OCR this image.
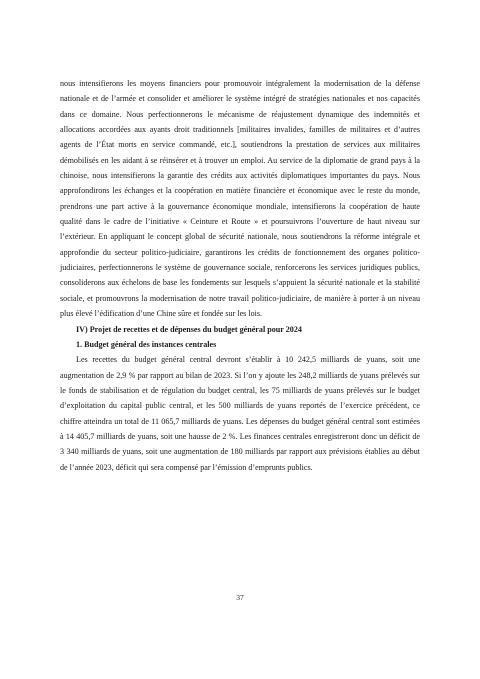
nous intensifierons les moyens financiers pour promouvoir intégralement la modernisation de la défense nationale et de l’armée et consolider et améliorer le système intégré de stratégies nationales et nos capacités dans ce domaine. Nous perfectionnerons le mécanisme de réajustement dynamique des indemnités et allocations accordées aux ayants droit traditionnels [militaires invalides, familles de militaires et d’autres agents de l’État morts en service commandé, etc.], soutiendrons la prestation de services aux militaires démobilisés en les aidant à se réinsérer et à trouver un emploi. Au service de la diplomatie de grand pays à la chinoise, nous intensifierons la garantie des crédits aux activités diplomatiques importantes du pays. Nous approfondirons les échanges et la coopération en matière financière et économique avec le reste du monde, prendrons une part active à la gouvernance économique mondiale, intensifierons la coopération de haute qualité dans le cadre de l’initiative « Ceinture et Route » et poursuivrons l’ouverture de haut niveau sur l’extérieur. En appliquant le concept global de sécurité nationale, nous soutiendrons la réforme intégrale et approfondie du secteur politico-judiciaire, garantirons les crédits de fonctionnement des organes politico-judiciaires, perfectionnerons le système de gouvernance sociale, renforcerons les services juridiques publics, consoliderons aux échelons de base les fondements sur lesquels s’appuient la sécurité nationale et la stabilité sociale, et promouvrons la modernisation de notre travail politico-judiciaire, de manière à porter à un niveau plus élevé l’édification d’une Chine sûre et fondée sur les lois.

IV) Projet de recettes et de dépenses du budget général pour 2024

1. Budget général des instances centrales

Les recettes du budget général central devront s’établir à 10 242,5 milliards de yuans, soit une augmentation de 2,9 % par rapport au bilan de 2023. Si l’on y ajoute les 248,2 milliards de yuans prélevés sur le fonds de stabilisation et de régulation du budget central, les 75 milliards de yuans prélevés sur le budget d’exploitation du capital public central, et les 500 milliards de yuans reportés de l’exercice précédent, ce chiffre atteindra un total de 11 065,7 milliards de yuans. Les dépenses du budget général central sont estimées à 14 405,7 milliards de yuans, soit une hausse de 2 %. Les finances centrales enregistreront donc un déficit de 3 340 milliards de yuans, soit une augmentation de 180 milliards par rapport aux prévisions établies au début de l’année 2023, déficit qui sera compensé par l’émission d’emprunts publics.

37
